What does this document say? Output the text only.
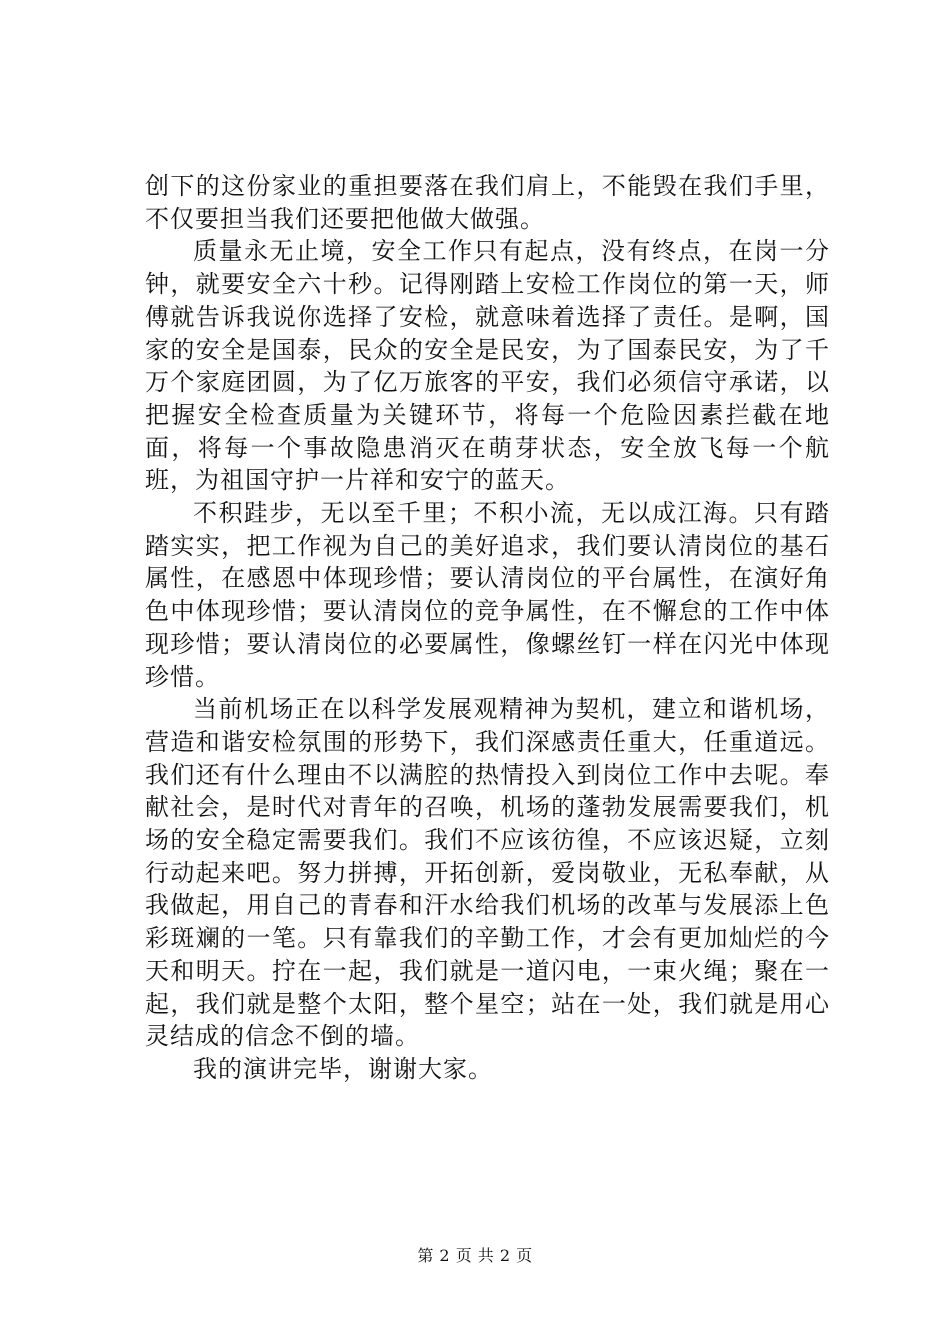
创下的这份家业的重担要落在我们肩上，不能毁在我们手里，不仅要担当我们还要把他做大做强。

质量永无止境，安全工作只有起点，没有终点，在岗一分钟，就要安全六十秒。记得刚踏上安检工作岗位的第一天，师傅就告诉我说你选择了安检，就意味着选择了责任。是啊，国家的安全是国泰，民众的安全是民安，为了国泰民安，为了千万个家庭团圆，为了亿万旅客的平安，我们必须信守承诺，以把握安全检查质量为关键环节，将每一个危险因素拦截在地面，将每一个事故隐患消灭在萌芽状态，安全放飞每一个航班，为祖国守护一片祥和安宁的蓝天。

不积跬步，无以至千里；不积小流，无以成江海。只有踏踏实实，把工作视为自己的美好追求，我们要认清岗位的基石属性，在感恩中体现珍惜；要认清岗位的平台属性，在演好角色中体现珍惜；要认清岗位的竞争属性，在不懈怠的工作中体现珍惜；要认清岗位的必要属性，像螺丝钉一样在闪光中体现珍惜。

当前机场正在以科学发展观精神为契机，建立和谐机场，营造和谐安检氛围的形势下，我们深感责任重大，任重道远。我们还有什么理由不以满腔的热情投入到岗位工作中去呢。奉献社会，是时代对青年的召唤，机场的蓬勃发展需要我们，机场的安全稳定需要我们。我们不应该彷徨，不应该迟疑，立刻行动起来吧。努力拼搏，开拓创新，爱岗敬业，无私奉献，从我做起，用自己的青春和汗水给我们机场的改革与发展添上色彩斑斓的一笔。只有靠我们的辛勤工作，才会有更加灿烂的今天和明天。拧在一起，我们就是一道闪电，一束火绳；聚在一起，我们就是整个太阳，整个星空；站在一处，我们就是用心灵结成的信念不倒的墙。

我的演讲完毕，谢谢大家。

第 2 页 共 2 页
